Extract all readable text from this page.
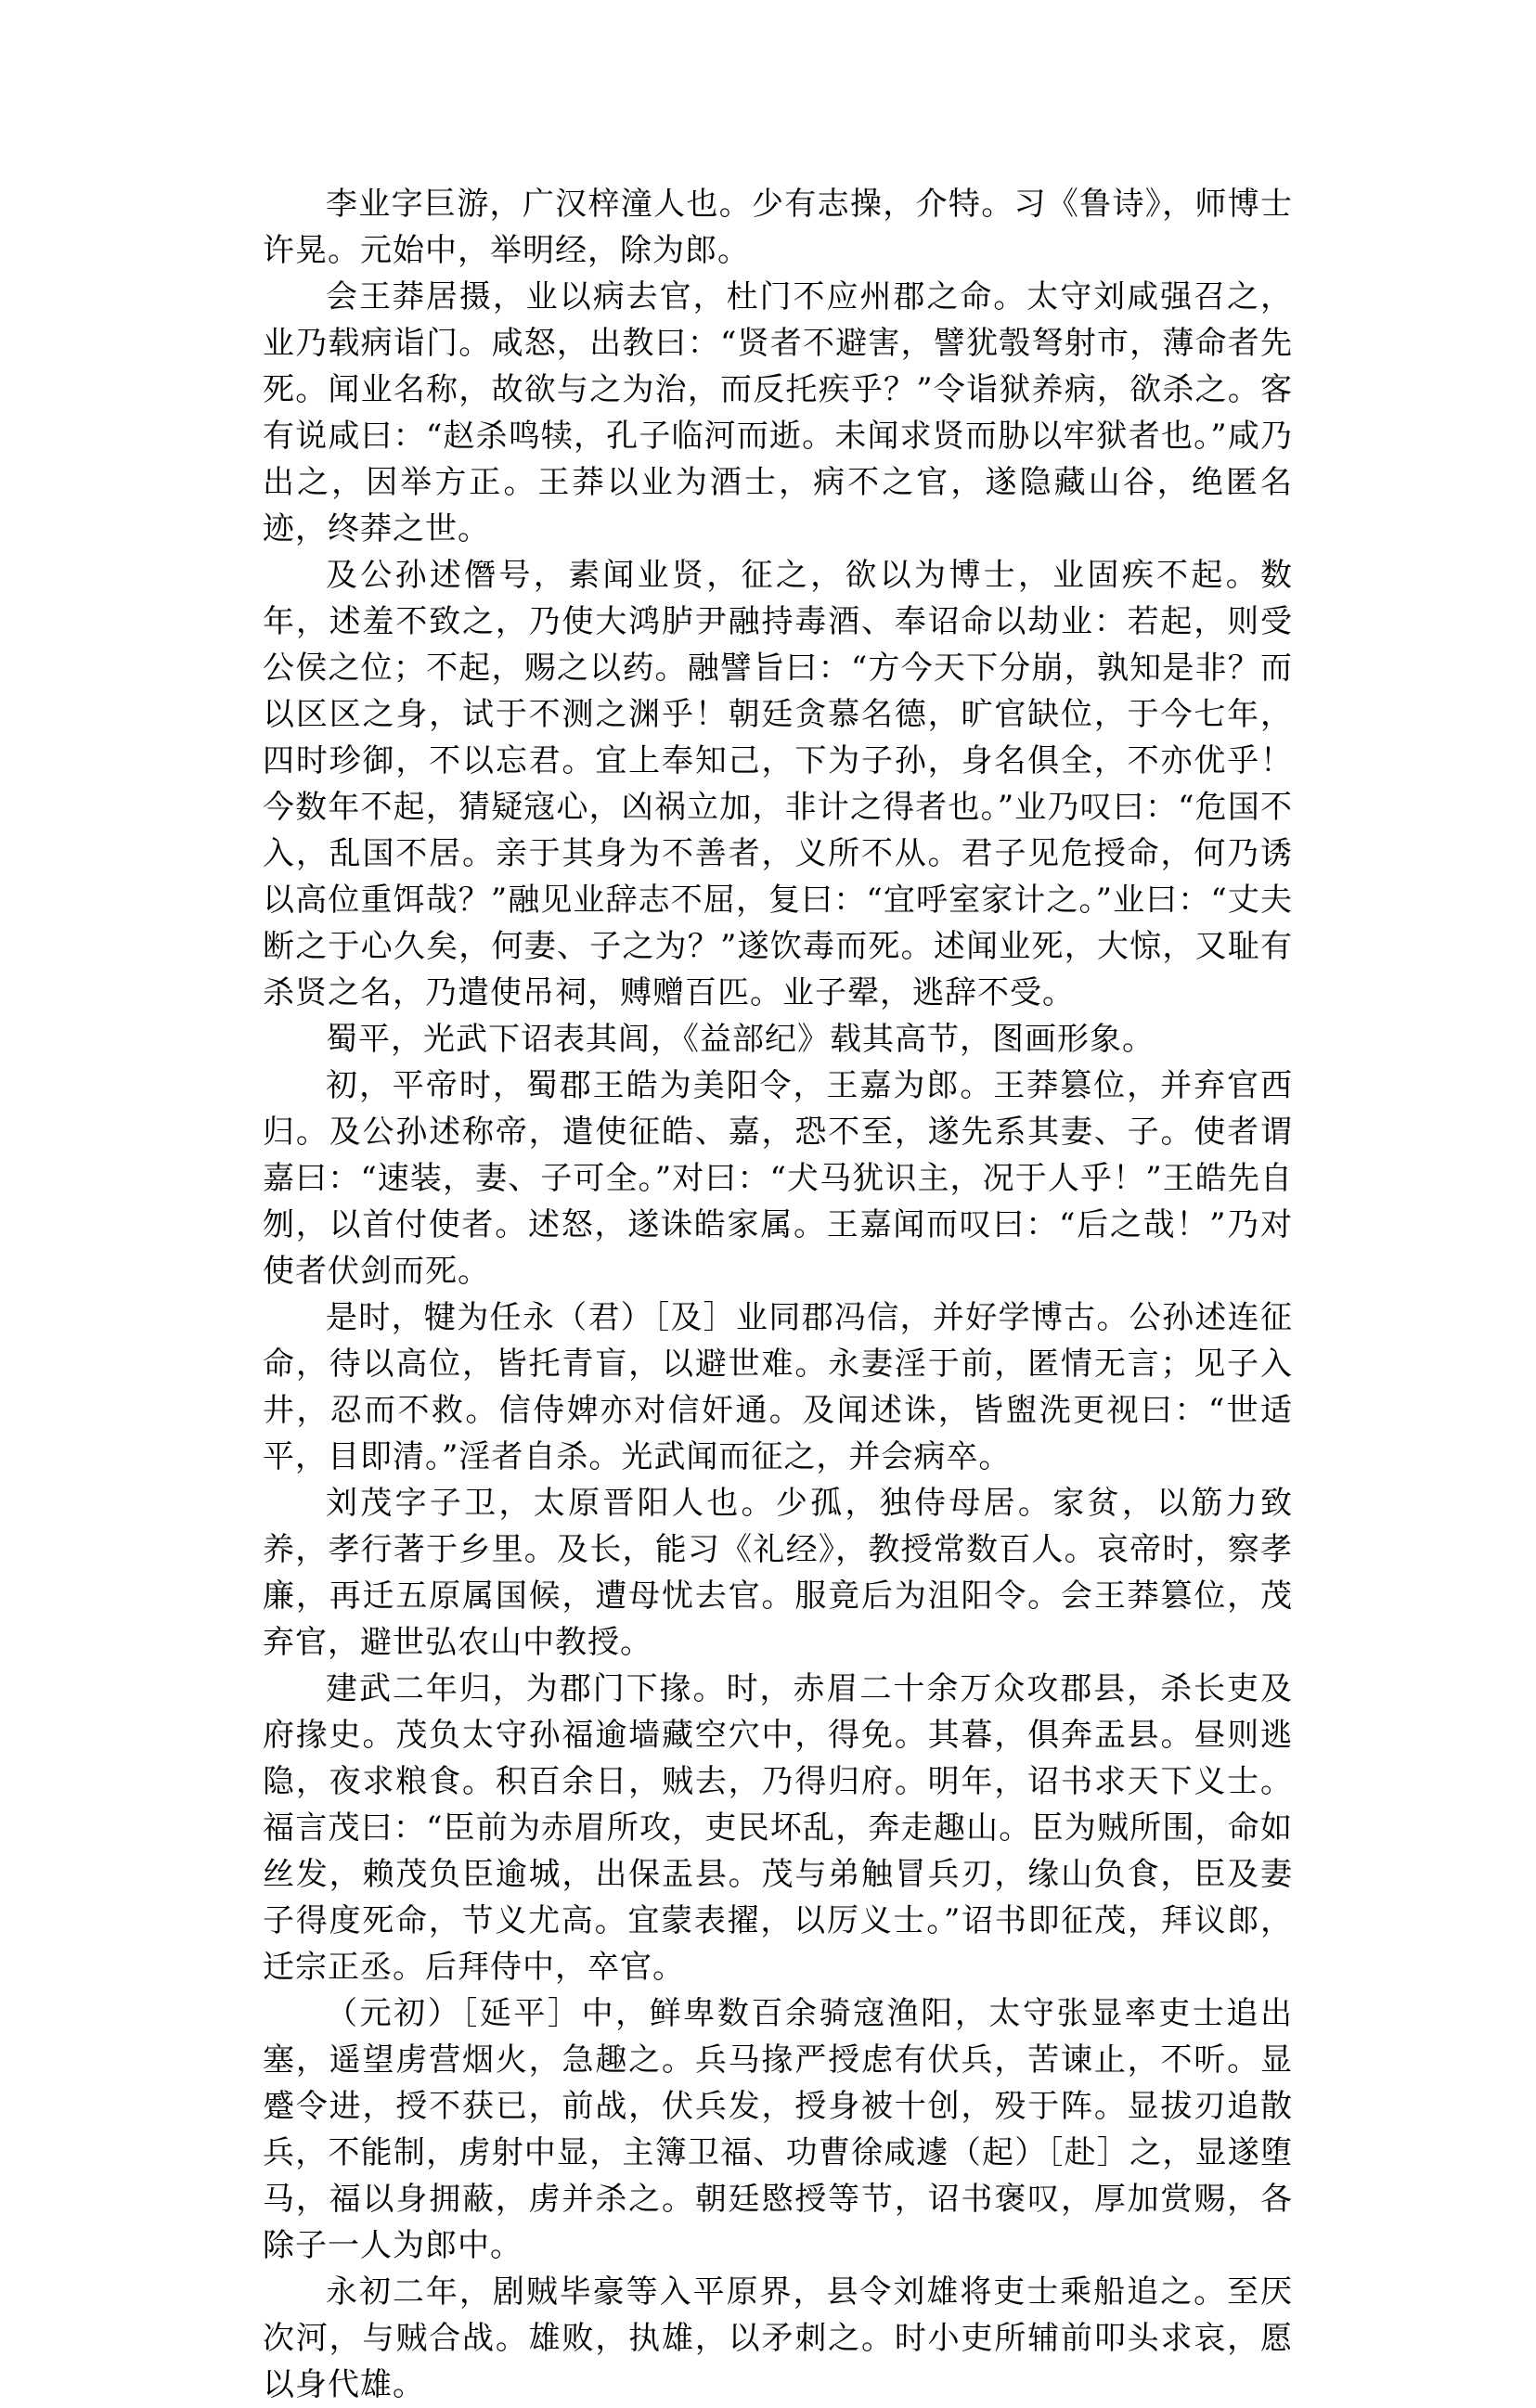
李业字巨游，广汉梓潼人也。少有志操，介特。习《鲁诗》，师博士许晃。元始中，举明经，除为郎。

会王莽居摄，业以病去官，杜门不应州郡之命。太守刘咸强召之，业乃载病诣门。咸怒，出教曰：“贤者不避害，譬犹彀弩射市，薄命者先死。闻业名称，故欲与之为治，而反托疾乎？”令诣狱养病，欲杀之。客有说咸曰：“赵杀鸣犊，孔子临河而逝。未闻求贤而胁以牢狱者也。”咸乃出之，因举方正。王莽以业为酒士，病不之官，遂隐藏山谷，绝匿名迹，终莽之世。

及公孙述僭号，素闻业贤，征之，欲以为博士，业固疾不起。数年，述羞不致之，乃使大鸿胪尹融持毒酒、奉诏命以劫业：若起，则受公侯之位；不起，赐之以药。融譬旨曰：“方今天下分崩，孰知是非？而以区区之身，试于不测之渊乎！朝廷贪慕名德，旷官缺位，于今七年，四时珍御，不以忘君。宜上奉知己，下为子孙，身名俱全，不亦优乎！今数年不起，猜疑寇心，凶祸立加，非计之得者也。”业乃叹曰：“危国不入，乱国不居。亲于其身为不善者，义所不从。君子见危授命，何乃诱以高位重饵哉？”融见业辞志不屈，复曰：“宜呼室家计之。”业曰：“丈夫断之于心久矣，何妻、子之为？”遂饮毒而死。述闻业死，大惊，又耻有杀贤之名，乃遣使吊祠，赙赠百匹。业子翚，逃辞不受。

蜀平，光武下诏表其闾，《益部纪》载其高节，图画形象。

初，平帝时，蜀郡王皓为美阳令，王嘉为郎。王莽篡位，并弃官西归。及公孙述称帝，遣使征皓、嘉，恐不至，遂先系其妻、子。使者谓嘉曰：“速装，妻、子可全。”对曰：“犬马犹识主，况于人乎！”王皓先自刎，以首付使者。述怒，遂诛皓家属。王嘉闻而叹曰：“后之哉！”乃对使者伏剑而死。

是时，犍为任永（君）［及］业同郡冯信，并好学博古。公孙述连征命，待以高位，皆托青盲，以避世难。永妻淫于前，匿情无言；见子入井，忍而不救。信侍婢亦对信奸通。及闻述诛，皆盥洗更视曰：“世适平，目即清。”淫者自杀。光武闻而征之，并会病卒。

刘茂字子卫，太原晋阳人也。少孤，独侍母居。家贫，以筋力致养，孝行著于乡里。及长，能习《礼经》，教授常数百人。哀帝时，察孝廉，再迁五原属国候，遭母忧去官。服竟后为沮阳令。会王莽篡位，茂弃官，避世弘农山中教授。

建武二年归，为郡门下掾。时，赤眉二十余万众攻郡县，杀长吏及府掾史。茂负太守孙福逾墙藏空穴中，得免。其暮，俱奔盂县。昼则逃隐，夜求粮食。积百余日，贼去，乃得归府。明年，诏书求天下义士。福言茂曰：“臣前为赤眉所攻，吏民坏乱，奔走趣山。臣为贼所围，命如丝发，赖茂负臣逾城，出保盂县。茂与弟触冒兵刃，缘山负食，臣及妻子得度死命，节义尤高。宜蒙表擢，以厉义士。”诏书即征茂，拜议郎，迁宗正丞。后拜侍中，卒官。

（元初）［延平］中，鲜卑数百余骑寇渔阳，太守张显率吏士追出塞，遥望虏营烟火，急趣之。兵马掾严授虑有伏兵，苦谏止，不听。显蹙令进，授不获已，前战，伏兵发，授身被十创，殁于阵。显拔刃追散兵，不能制，虏射中显，主簿卫福、功曹徐咸遽（起）［赴］之，显遂堕马，福以身拥蔽，虏并杀之。朝廷愍授等节，诏书褒叹，厚加赏赐，各除子一人为郎中。

永初二年，剧贼毕豪等入平原界，县令刘雄将吏士乘船追之。至厌次河，与贼合战。雄败，执雄，以矛刺之。时小吏所辅前叩头求哀，愿以身代雄。
